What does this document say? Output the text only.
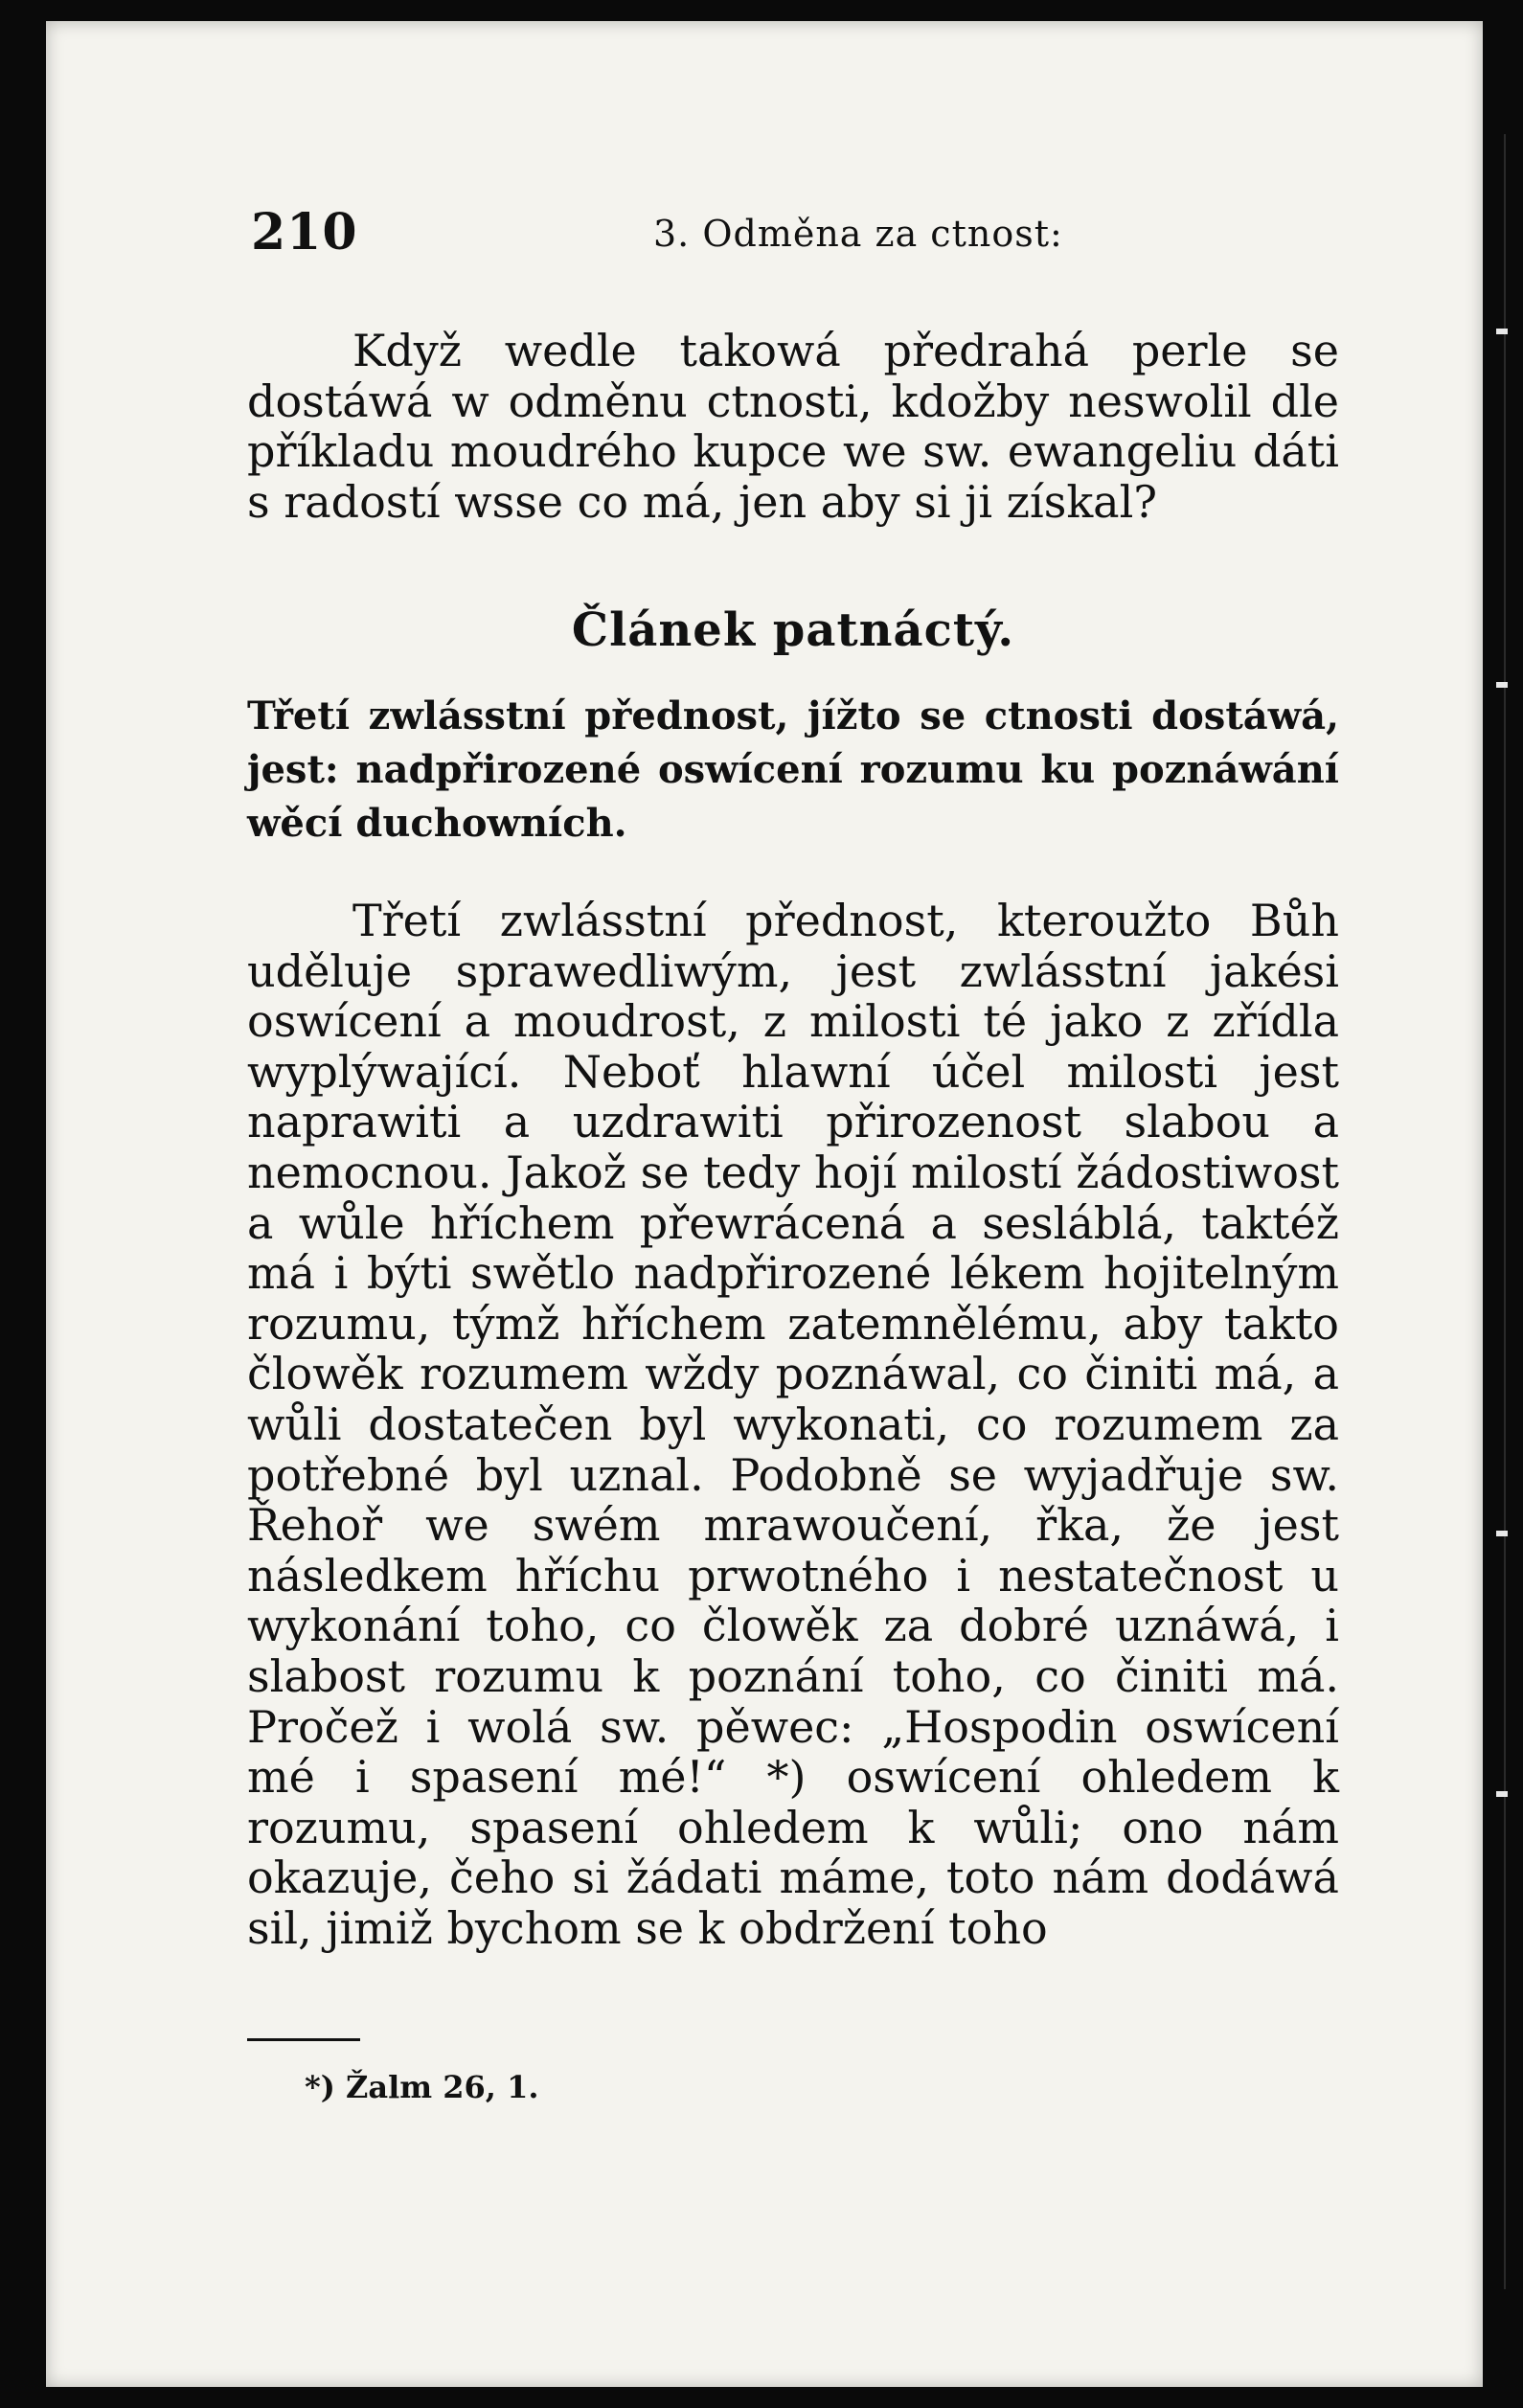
210	3. Odměna za ctnost:

Když wedle takowá předrahá perle se dostáwá w odměnu ctnosti, kdožby neswolil dle příkladu moudrého kupce we sw. ewangeliu dáti s radostí wsse co má, jen aby si ji získal?

Článek patnáctý.
Třetí zwlásstní přednost, jížto se ctnosti dostáwá, jest: nadpřirozené oswícení rozumu ku poznáwání wěcí duchowních.

Třetí zwlásstní přednost, kteroužto Bůh uděluje sprawedliwým, jest zwlásstní jakési oswícení a moudrost, z milosti té jako z zřídla wyplýwající. Neboť hlawní účel milosti jest naprawiti a uzdrawiti přirozenost slabou a nemocnou. Jakož se tedy hojí milostí žádostiwost a wůle hříchem přewrácená a sesláblá, taktéž má i býti swětlo nadpřirozené lékem hojitelným rozumu, týmž hříchem zatemnělému, aby takto člowěk rozumem wždy poznáwal, co činiti má, a wůli dostatečen byl wykonati, co rozumem za potřebné byl uznal. Podobně se wyjadřuje sw. Řehoř we swém mrawoučení, řka, že jest následkem hříchu prwotného i nestatečnost u wykonání toho, co člowěk za dobré uznáwá, i slabost rozumu k poznání toho, co činiti má. Pročež i wolá sw. pěwec: „Hospodin oswícení mé i spasení mé!“ *) oswícení ohledem k rozumu, spasení ohledem k wůli; ono nám okazuje, čeho si žádati máme, toto nám dodáwá sil, jimiž bychom se k obdržení toho

*) Žalm 26, 1.
